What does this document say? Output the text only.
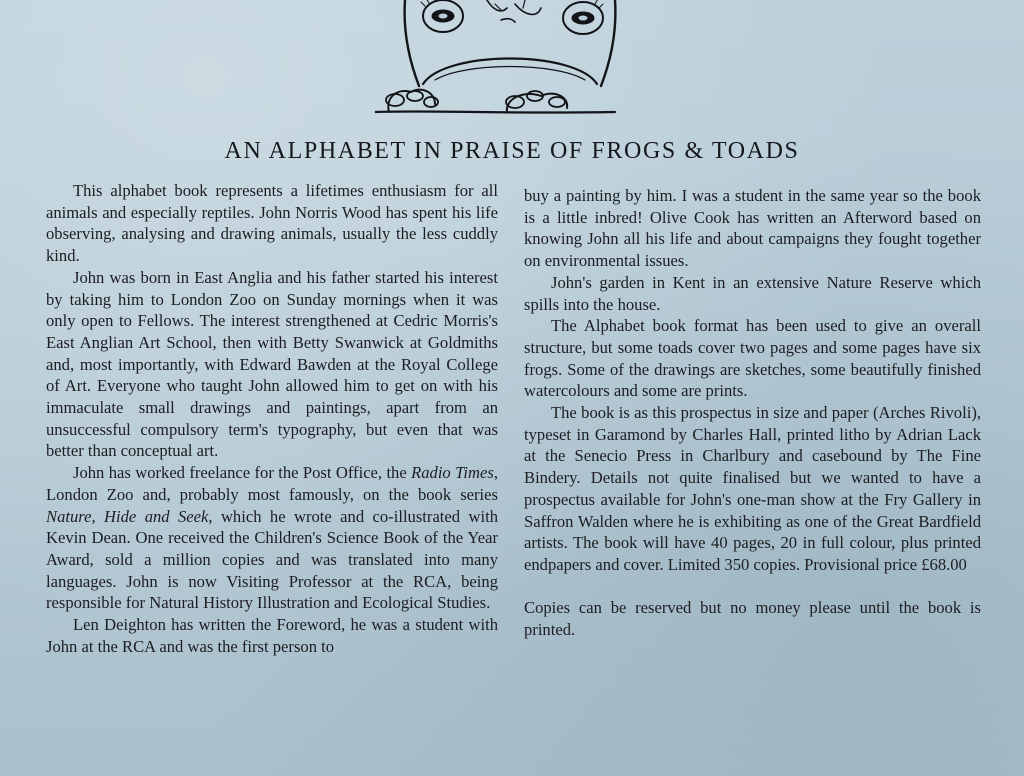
AN ALPHABET IN PRAISE OF FROGS & TOADS

This alphabet book represents a lifetimes enthusiasm for all animals and especially reptiles. John Norris Wood has spent his life observing, analysing and drawing animals, usually the less cuddly kind.

John was born in East Anglia and his father started his interest by taking him to London Zoo on Sunday mornings when it was only open to Fellows. The interest strengthened at Cedric Morris's East Anglian Art School, then with Betty Swanwick at Goldmiths and, most importantly, with Edward Bawden at the Royal College of Art. Everyone who taught John allowed him to get on with his immaculate small drawings and paintings, apart from an unsuccessful compulsory term's typography, but even that was better than conceptual art.

John has worked freelance for the Post Office, the Radio Times, London Zoo and, probably most famously, on the book series Nature, Hide and Seek, which he wrote and co-illustrated with Kevin Dean. One received the Children's Science Book of the Year Award, sold a million copies and was translated into many languages. John is now Visiting Professor at the RCA, being responsible for Natural History Illustration and Ecological Studies.

Len Deighton has written the Foreword, he was a student with John at the RCA and was the first person to

buy a painting by him. I was a student in the same year so the book is a little inbred! Olive Cook has written an Afterword based on knowing John all his life and about campaigns they fought together on environmental issues.

John's garden in Kent in an extensive Nature Reserve which spills into the house.

The Alphabet book format has been used to give an overall structure, but some toads cover two pages and some pages have six frogs. Some of the drawings are sketches, some beautifully finished watercolours and some are prints.

The book is as this prospectus in size and paper (Arches Rivoli), typeset in Garamond by Charles Hall, printed litho by Adrian Lack at the Senecio Press in Charlbury and casebound by The Fine Bindery. Details not quite finalised but we wanted to have a prospectus available for John's one-man show at the Fry Gallery in Saffron Walden where he is exhibiting as one of the Great Bardfield artists. The book will have 40 pages, 20 in full colour, plus printed endpapers and cover. Limited 350 copies. Provisional price £68.00

Copies can be reserved but no money please until the book is printed.
